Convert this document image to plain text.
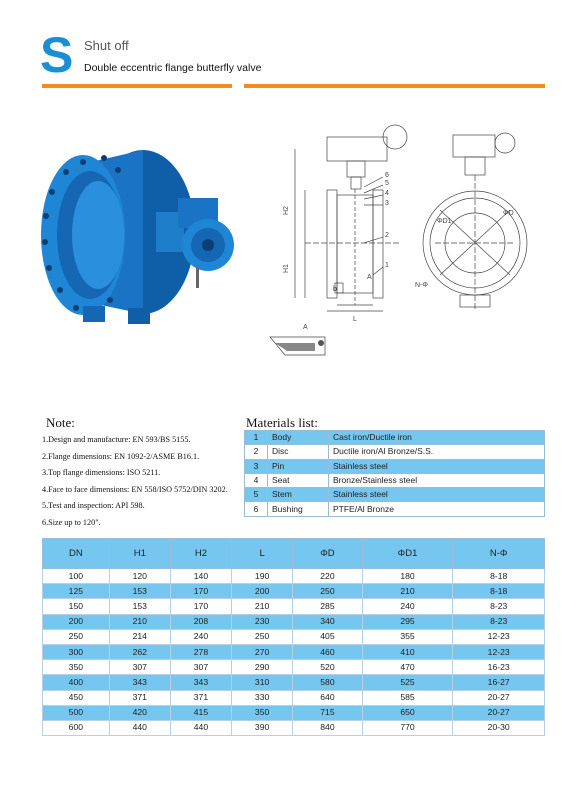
S Shut off
Double eccentric flange butterfly valve
H2
H1
L
A
b
6
5
4
3
2
1
A
ΦD
ΦD1
N-Φ
Note:
1.Design and manufacture: EN 593/BS 5155.
2.Flange dimensions: EN 1092-2/ASME B16.1.
3.Top flange dimensions: ISO 5211.
4.Face to face dimensions: EN 558/ISO 5752/DIN 3202.
5.Test and inspection: API 598.
6.Size up to 120".
Materials list:
1	Body	Cast iron/Ductile iron
2	Disc	Ductile iron/Al Bronze/S.S.
3	Pin	Stainless steel
4	Seat	Bronze/Stainless steel
5	Stem	Stainless steel
6	Bushing	PTFE/Al Bronze
DN	H1	H2	L	ΦD	ΦD1	N-Φ
100	120	140	190	220	180	8-18
125	153	170	200	250	210	8-18
150	153	170	210	285	240	8-23
200	210	208	230	340	295	8-23
250	214	240	250	405	355	12-23
300	262	278	270	460	410	12-23
350	307	307	290	520	470	16-23
400	343	343	310	580	525	16-27
450	371	371	330	640	585	20-27
500	420	415	350	715	650	20-27
600	440	440	390	840	770	20-30
